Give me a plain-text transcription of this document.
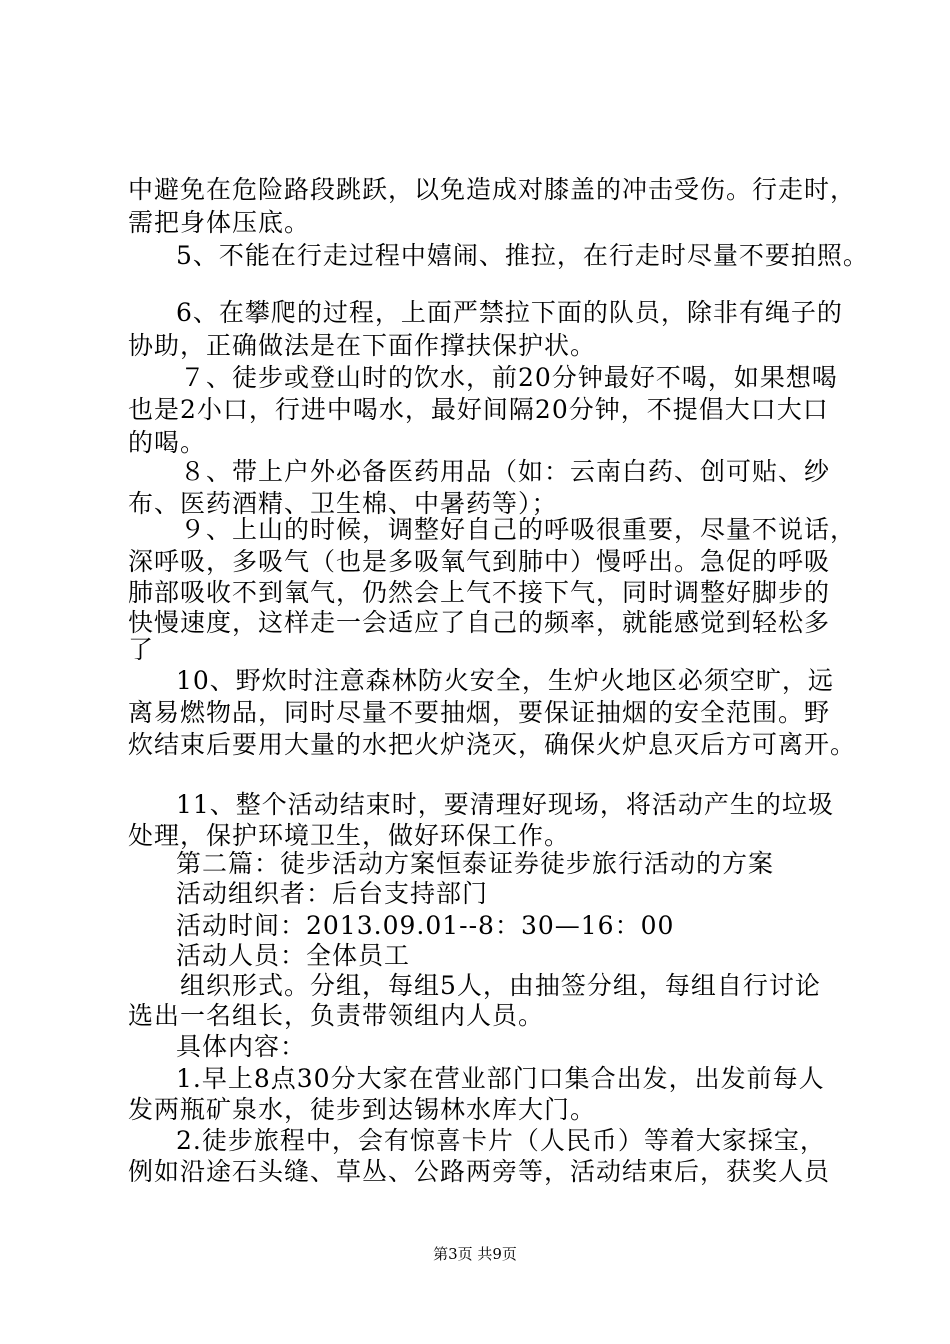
中避免在危险路段跳跃，以免造成对膝盖的冲击受伤。行走时，
需把身体压底。
5、不能在行走过程中嬉闹、推拉，在行走时尽量不要拍照。
6、在攀爬的过程，上面严禁拉下面的队员，除非有绳子的
协助，正确做法是在下面作撑扶保护状。
７、徒步或登山时的饮水，前20分钟最好不喝，如果想喝
也是2小口，行进中喝水，最好间隔20分钟，不提倡大口大口
的喝。
８、带上户外必备医药用品（如：云南白药、创可贴、纱
布、医药酒精、卫生棉、中暑药等）；
９、上山的时候，调整好自己的呼吸很重要，尽量不说话，
深呼吸，多吸气（也是多吸氧气到肺中）慢呼出。急促的呼吸
肺部吸收不到氧气，仍然会上气不接下气，同时调整好脚步的
快慢速度，这样走一会适应了自己的频率，就能感觉到轻松多
了
10、野炊时注意森林防火安全，生炉火地区必须空旷，远
离易燃物品，同时尽量不要抽烟，要保证抽烟的安全范围。野
炊结束后要用大量的水把火炉浇灭，确保火炉息灭后方可离开。
11、整个活动结束时，要清理好现场，将活动产生的垃圾
处理，保护环境卫生，做好环保工作。
第二篇：徒步活动方案恒泰证券徒步旅行活动的方案
活动组织者：后台支持部门
活动时间：2013.09.01--8：30—16：00
活动人员：全体员工
组织形式。分组，每组5人，由抽签分组，每组自行讨论
选出一名组长，负责带领组内人员。
具体内容：
1.早上8点30分大家在营业部门口集合出发，出发前每人
发两瓶矿泉水，徒步到达锡林水库大门。
2.徒步旅程中，会有惊喜卡片（人民币）等着大家採宝，
例如沿途石头缝、草丛、公路两旁等，活动结束后，获奖人员
第3页 共9页
